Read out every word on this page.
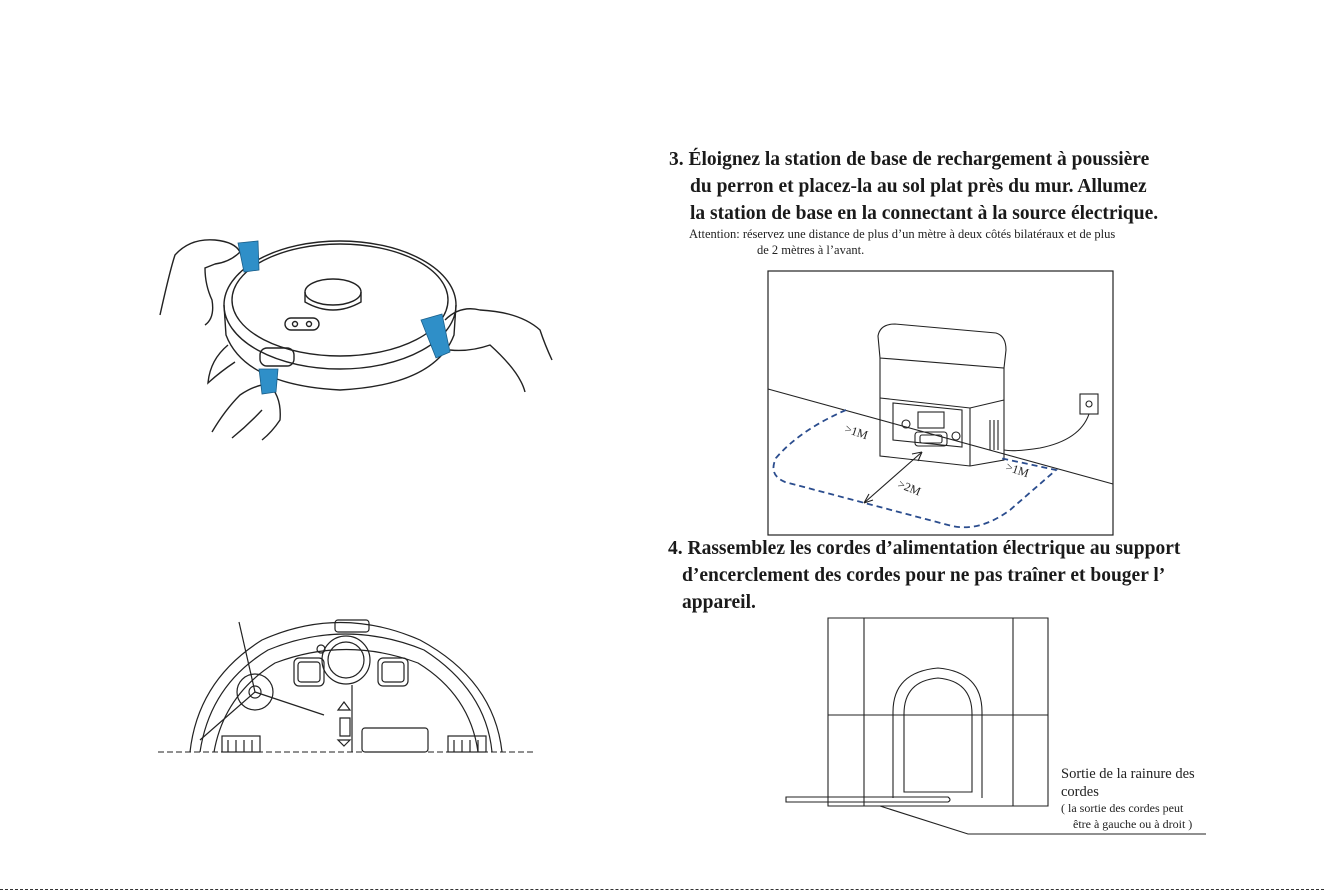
>1M
>1M
>2M
3. Éloignez la station de base de rechargement à poussière
du perron et placez-la au sol plat près du mur. Allumez
la station de base en la connectant à la source électrique.
Attention: réservez une distance de plus d’un mètre à deux côtés bilatéraux et de plus
de 2 mètres à l’avant.
4. Rassemblez les cordes d’alimentation électrique au support
d’encerclement des cordes pour ne pas traîner et bouger l’
appareil.
Sortie de la rainure des
cordes
( la sortie des cordes peut
être à gauche ou à droit )
